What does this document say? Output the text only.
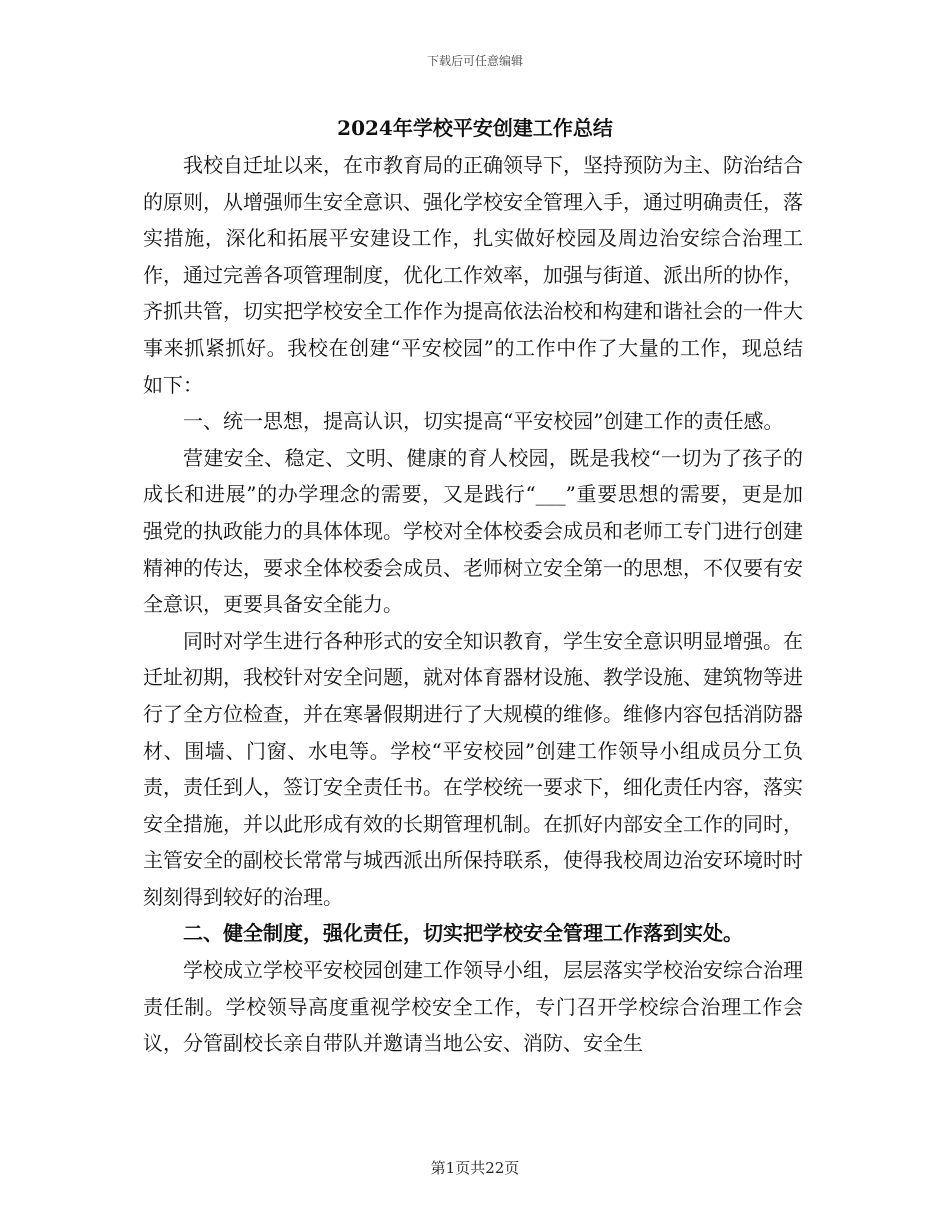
下载后可任意编辑
2024年学校平安创建工作总结

我校自迁址以来，在市教育局的正确领导下，坚持预防为主、防治结合的原则，从增强师生安全意识、强化学校安全管理入手，通过明确责任，落实措施，深化和拓展平安建设工作，扎实做好校园及周边治安综合治理工作，通过完善各项管理制度，优化工作效率，加强与街道、派出所的协作，齐抓共管，切实把学校安全工作作为提高依法治校和构建和谐社会的一件大事来抓紧抓好。我校在创建“平安校园”的工作中作了大量的工作，现总结如下：

一、统一思想，提高认识，切实提高“平安校园”创建工作的责任感。

营建安全、稳定、文明、健康的育人校园，既是我校“一切为了孩子的成长和进展”的办学理念的需要，又是践行“___”重要思想的需要，更是加强党的执政能力的具体体现。学校对全体校委会成员和老师工专门进行创建精神的传达，要求全体校委会成员、老师树立安全第一的思想，不仅要有安全意识，更要具备安全能力。

同时对学生进行各种形式的安全知识教育，学生安全意识明显增强。在迁址初期，我校针对安全问题，就对体育器材设施、教学设施、建筑物等进行了全方位检查，并在寒暑假期进行了大规模的维修。维修内容包括消防器材、围墙、门窗、水电等。学校“平安校园”创建工作领导小组成员分工负责，责任到人，签订安全责任书。在学校统一要求下，细化责任内容，落实安全措施，并以此形成有效的长期管理机制。在抓好内部安全工作的同时，主管安全的副校长常常与城西派出所保持联系，使得我校周边治安环境时时刻刻得到较好的治理。

二、健全制度，强化责任，切实把学校安全管理工作落到实处。

学校成立学校平安校园创建工作领导小组，层层落实学校治安综合治理责任制。学校领导高度重视学校安全工作，专门召开学校综合治理工作会议，分管副校长亲自带队并邀请当地公安、消防、安全生

第1页共22页
